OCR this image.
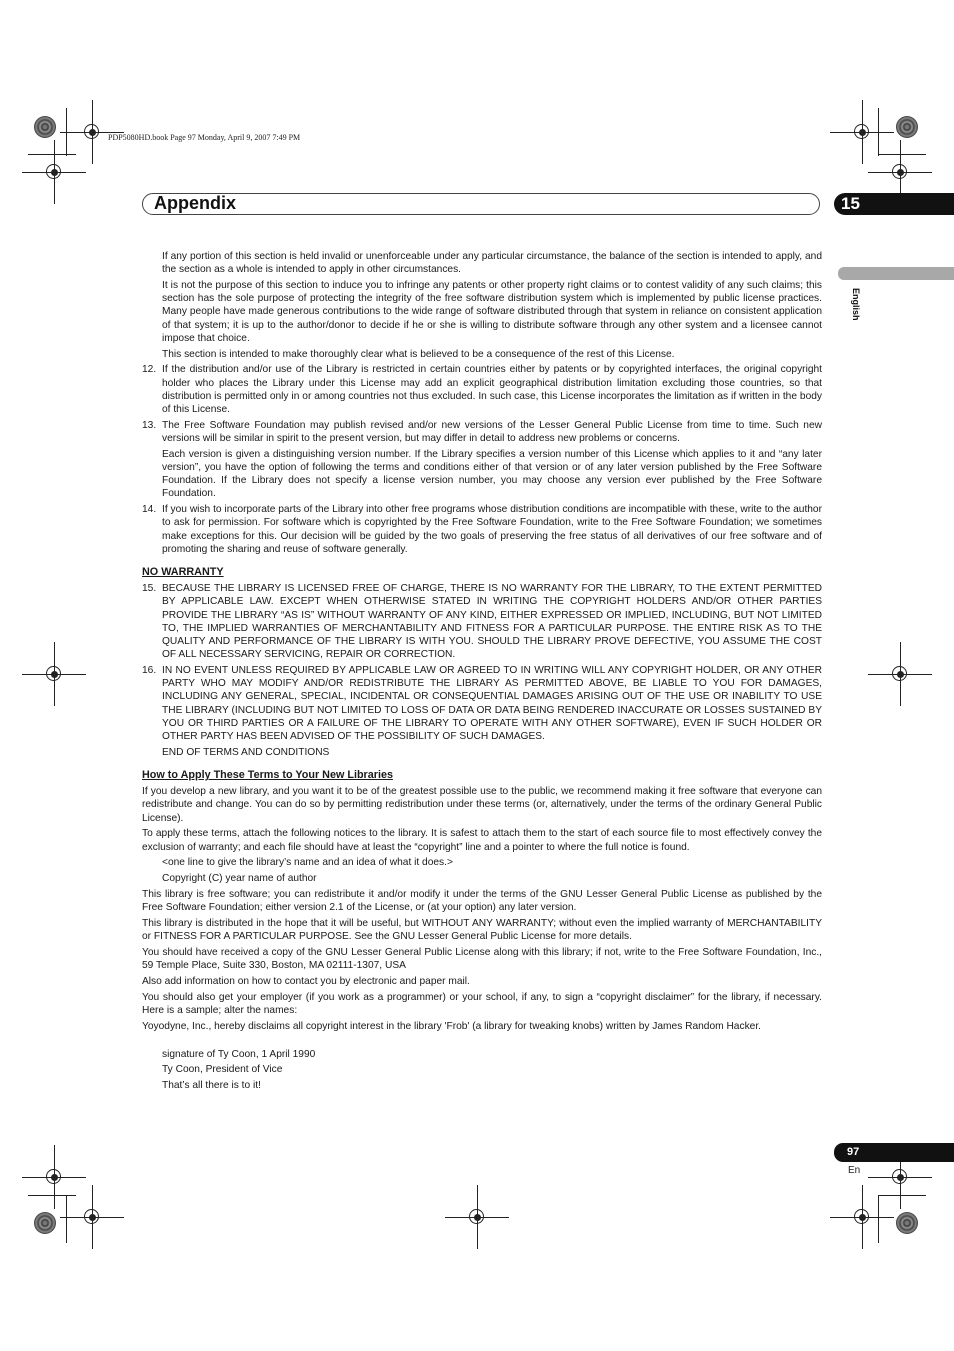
PDP5080HD.book Page 97 Monday, April 9, 2007 7:49 PM
Appendix	15
English

If any portion of this section is held invalid or unenforceable under any particular circumstance, the balance of the section is intended to apply, and the section as a whole is intended to apply in other circumstances.

It is not the purpose of this section to induce you to infringe any patents or other property right claims or to contest validity of any such claims; this section has the sole purpose of protecting the integrity of the free software distribution system which is implemented by public license practices. Many people have made generous contributions to the wide range of software distributed through that system in reliance on consistent application of that system; it is up to the author/donor to decide if he or she is willing to distribute software through any other system and a licensee cannot impose that choice.

This section is intended to make thoroughly clear what is believed to be a consequence of the rest of this License.

12. If the distribution and/or use of the Library is restricted in certain countries either by patents or by copyrighted interfaces, the original copyright holder who places the Library under this License may add an explicit geographical distribution limitation excluding those countries, so that distribution is permitted only in or among countries not thus excluded. In such case, this License incorporates the limitation as if written in the body of this License.

13. The Free Software Foundation may publish revised and/or new versions of the Lesser General Public License from time to time. Such new versions will be similar in spirit to the present version, but may differ in detail to address new problems or concerns.

Each version is given a distinguishing version number. If the Library specifies a version number of this License which applies to it and “any later version”, you have the option of following the terms and conditions either of that version or of any later version published by the Free Software Foundation. If the Library does not specify a license version number, you may choose any version ever published by the Free Software Foundation.

14. If you wish to incorporate parts of the Library into other free programs whose distribution conditions are incompatible with these, write to the author to ask for permission. For software which is copyrighted by the Free Software Foundation, write to the Free Software Foundation; we sometimes make exceptions for this. Our decision will be guided by the two goals of preserving the free status of all derivatives of our free software and of promoting the sharing and reuse of software generally.

NO WARRANTY

15. BECAUSE THE LIBRARY IS LICENSED FREE OF CHARGE, THERE IS NO WARRANTY FOR THE LIBRARY, TO THE EXTENT PERMITTED BY APPLICABLE LAW. EXCEPT WHEN OTHERWISE STATED IN WRITING THE COPYRIGHT HOLDERS AND/OR OTHER PARTIES PROVIDE THE LIBRARY “AS IS” WITHOUT WARRANTY OF ANY KIND, EITHER EXPRESSED OR IMPLIED, INCLUDING, BUT NOT LIMITED TO, THE IMPLIED WARRANTIES OF MERCHANTABILITY AND FITNESS FOR A PARTICULAR PURPOSE. THE ENTIRE RISK AS TO THE QUALITY AND PERFORMANCE OF THE LIBRARY IS WITH YOU. SHOULD THE LIBRARY PROVE DEFECTIVE, YOU ASSUME THE COST OF ALL NECESSARY SERVICING, REPAIR OR CORRECTION.

16. IN NO EVENT UNLESS REQUIRED BY APPLICABLE LAW OR AGREED TO IN WRITING WILL ANY COPYRIGHT HOLDER, OR ANY OTHER PARTY WHO MAY MODIFY AND/OR REDISTRIBUTE THE LIBRARY AS PERMITTED ABOVE, BE LIABLE TO YOU FOR DAMAGES, INCLUDING ANY GENERAL, SPECIAL, INCIDENTAL OR CONSEQUENTIAL DAMAGES ARISING OUT OF THE USE OR INABILITY TO USE THE LIBRARY (INCLUDING BUT NOT LIMITED TO LOSS OF DATA OR DATA BEING RENDERED INACCURATE OR LOSSES SUSTAINED BY YOU OR THIRD PARTIES OR A FAILURE OF THE LIBRARY TO OPERATE WITH ANY OTHER SOFTWARE), EVEN IF SUCH HOLDER OR OTHER PARTY HAS BEEN ADVISED OF THE POSSIBILITY OF SUCH DAMAGES.

END OF TERMS AND CONDITIONS

How to Apply These Terms to Your New Libraries

If you develop a new library, and you want it to be of the greatest possible use to the public, we recommend making it free software that everyone can redistribute and change. You can do so by permitting redistribution under these terms (or, alternatively, under the terms of the ordinary General Public License).

To apply these terms, attach the following notices to the library. It is safest to attach them to the start of each source file to most effectively convey the exclusion of warranty; and each file should have at least the “copyright” line and a pointer to where the full notice is found.

<one line to give the library’s name and an idea of what it does.>

Copyright (C) year name of author

This library is free software; you can redistribute it and/or modify it under the terms of the GNU Lesser General Public License as published by the Free Software Foundation; either version 2.1 of the License, or (at your option) any later version.

This library is distributed in the hope that it will be useful, but WITHOUT ANY WARRANTY; without even the implied warranty of MERCHANTABILITY or FITNESS FOR A PARTICULAR PURPOSE. See the GNU Lesser General Public License for more details.

You should have received a copy of the GNU Lesser General Public License along with this library; if not, write to the Free Software Foundation, Inc., 59 Temple Place, Suite 330, Boston, MA 02111-1307, USA

Also add information on how to contact you by electronic and paper mail.

You should also get your employer (if you work as a programmer) or your school, if any, to sign a “copyright disclaimer” for the library, if necessary. Here is a sample; alter the names:

Yoyodyne, Inc., hereby disclaims all copyright interest in the library 'Frob' (a library for tweaking knobs) written by James Random Hacker.

signature of Ty Coon, 1 April 1990

Ty Coon, President of Vice

That’s all there is to it!

97
En
